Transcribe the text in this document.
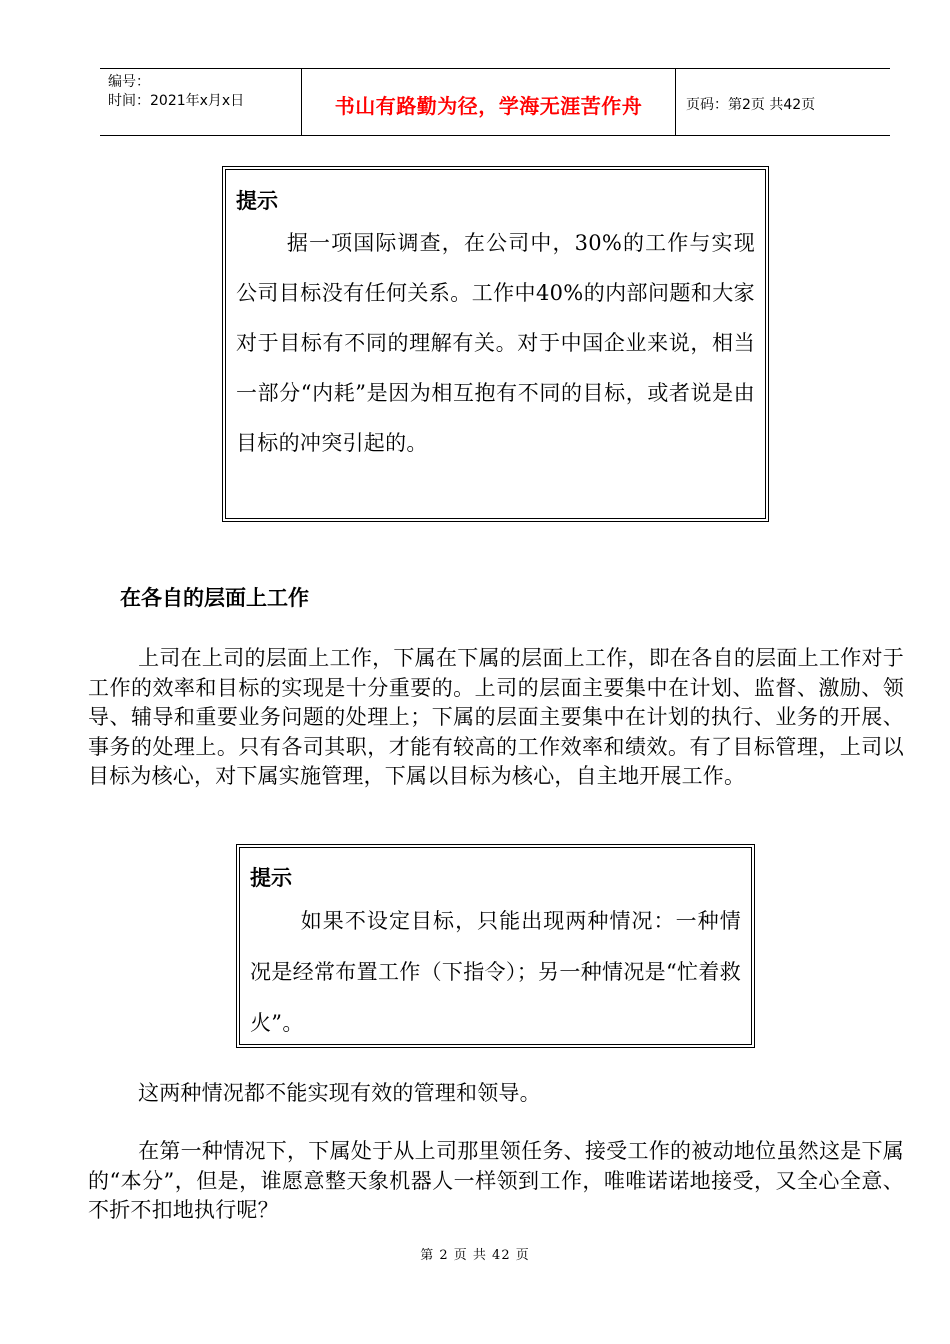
编号：
时间：2021年x月x日	书山有路勤为径，学海无涯苦作舟	页码：第2页 共42页
提示
据一项国际调查，在公司中，30%的工作与实现公司目标没有任何关系。工作中40%的内部问题和大家对于目标有不同的理解有关。对于中国企业来说，相当一部分“内耗”是因为相互抱有不同的目标，或者说是由目标的冲突引起的。
在各自的层面上工作
上司在上司的层面上工作，下属在下属的层面上工作，即在各自的层面上工作对于工作的效率和目标的实现是十分重要的。上司的层面主要集中在计划、监督、激励、领导、辅导和重要业务问题的处理上；下属的层面主要集中在计划的执行、业务的开展、事务的处理上。只有各司其职，才能有较高的工作效率和绩效。有了目标管理，上司以目标为核心，对下属实施管理，下属以目标为核心，自主地开展工作。
提示
如果不设定目标，只能出现两种情况：一种情况是经常布置工作（下指令）；另一种情况是“忙着救火”。
这两种情况都不能实现有效的管理和领导。
在第一种情况下，下属处于从上司那里领任务、接受工作的被动地位虽然这是下属的“本分”，但是，谁愿意整天象机器人一样领到工作，唯唯诺诺地接受，又全心全意、不折不扣地执行呢？
第 2 页 共 42 页
